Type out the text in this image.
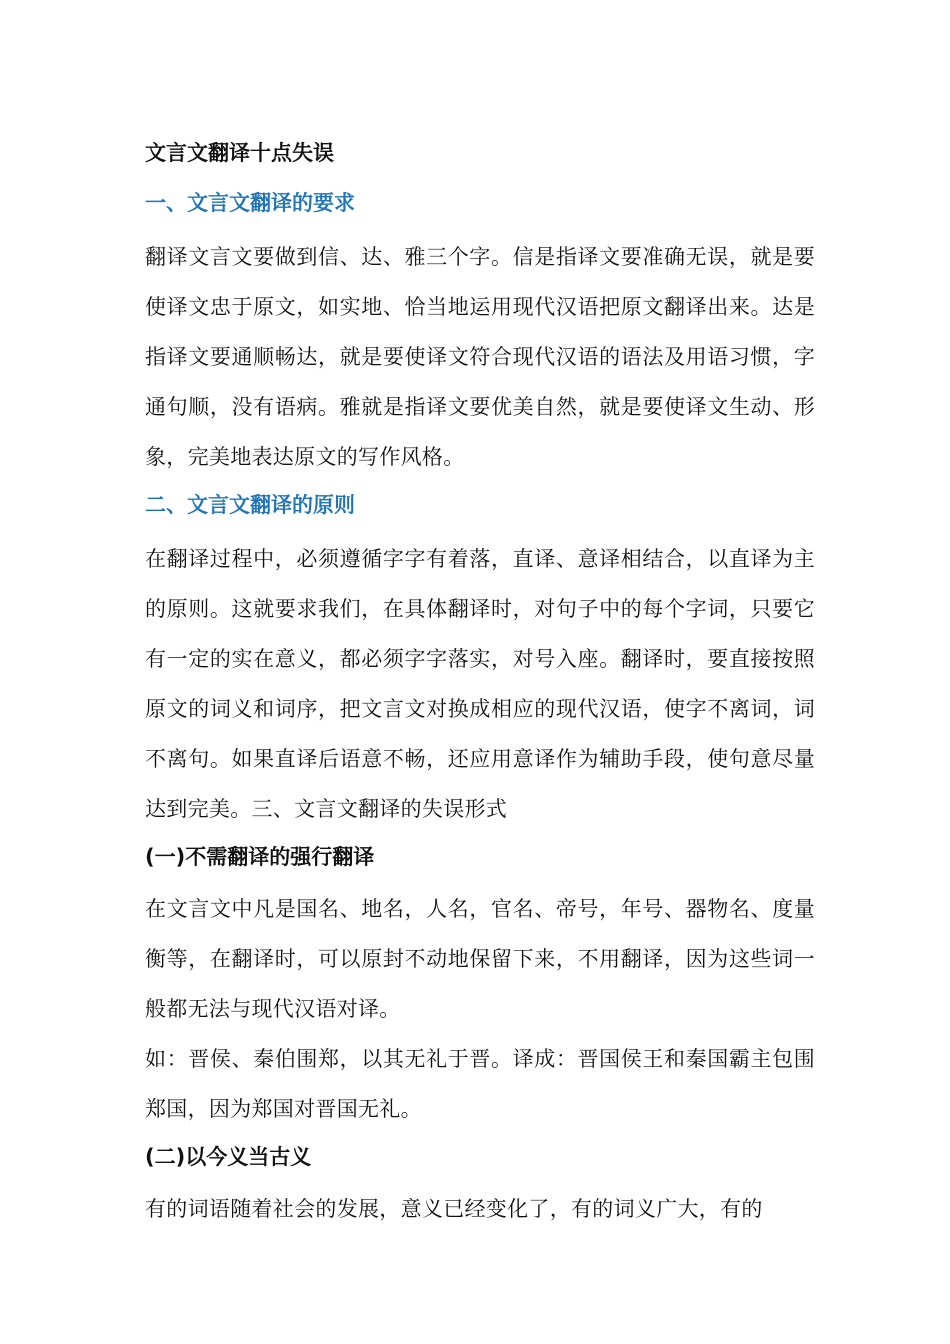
文言文翻译十点失误
一、文言文翻译的要求

翻译文言文要做到信、达、雅三个字。信是指译文要准确无误，就是要使译文忠于原文，如实地、恰当地运用现代汉语把原文翻译出来。达是指译文要通顺畅达，就是要使译文符合现代汉语的语法及用语习惯，字通句顺，没有语病。雅就是指译文要优美自然，就是要使译文生动、形象，完美地表达原文的写作风格。

二、文言文翻译的原则

在翻译过程中，必须遵循字字有着落，直译、意译相结合，以直译为主的原则。这就要求我们，在具体翻译时，对句子中的每个字词，只要它有一定的实在意义，都必须字字落实，对号入座。翻译时，要直接按照原文的词义和词序，把文言文对换成相应的现代汉语，使字不离词，词不离句。如果直译后语意不畅，还应用意译作为辅助手段，使句意尽量达到完美。三、文言文翻译的失误形式

(一)不需翻译的强行翻译

在文言文中凡是国名、地名，人名，官名、帝号，年号、器物名、度量衡等，在翻译时，可以原封不动地保留下来，不用翻译，因为这些词一般都无法与现代汉语对译。

如：晋侯、秦伯围郑，以其无礼于晋。译成：晋国侯王和秦国霸主包围郑国，因为郑国对晋国无礼。

(二)以今义当古义

有的词语随着社会的发展，意义已经变化了，有的词义广大，有的
